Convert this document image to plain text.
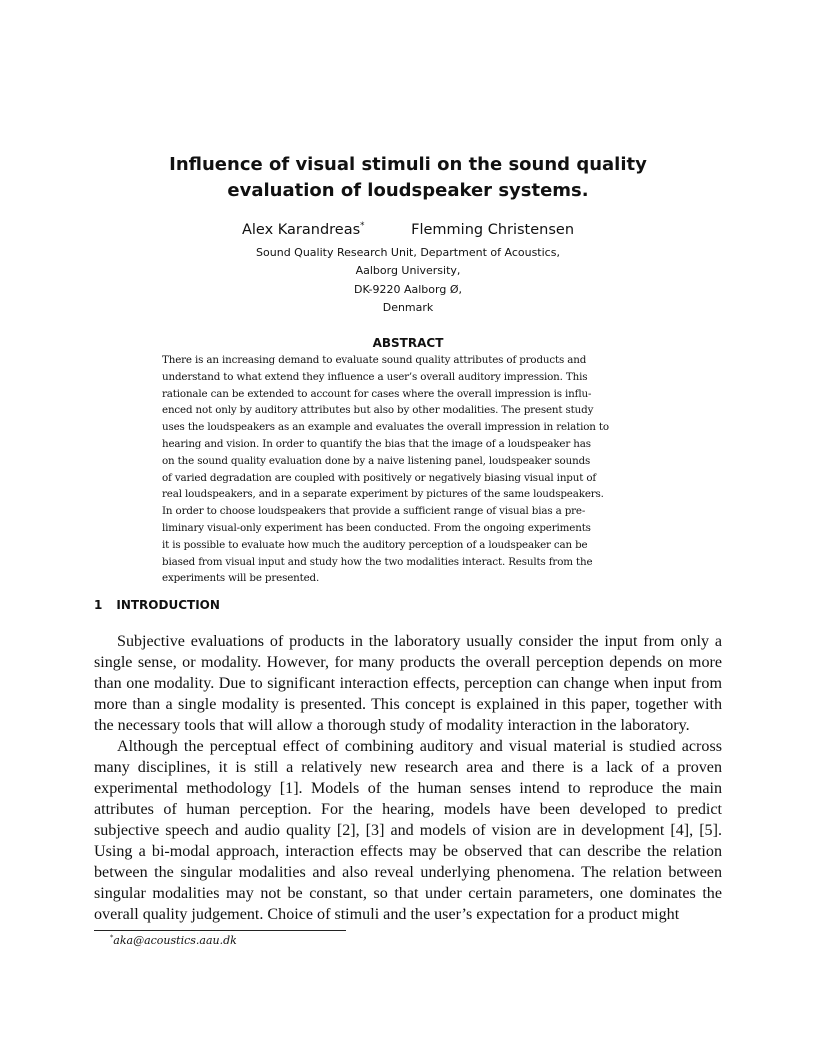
Influence of visual stimuli on the sound quality
evaluation of loudspeaker systems.
Alex Karandreas*	Flemming Christensen
Sound Quality Research Unit, Department of Acoustics,
Aalborg University,
DK-9220 Aalborg Ø,
Denmark
ABSTRACT
There is an increasing demand to evaluate sound quality attributes of products and
understand to what extend they influence a user’s overall auditory impression. This
rationale can be extended to account for cases where the overall impression is influ-
enced not only by auditory attributes but also by other modalities. The present study
uses the loudspeakers as an example and evaluates the overall impression in relation to
hearing and vision. In order to quantify the bias that the image of a loudspeaker has
on the sound quality evaluation done by a naive listening panel, loudspeaker sounds
of varied degradation are coupled with positively or negatively biasing visual input of
real loudspeakers, and in a separate experiment by pictures of the same loudspeakers.
In order to choose loudspeakers that provide a sufficient range of visual bias a pre-
liminary visual-only experiment has been conducted. From the ongoing experiments
it is possible to evaluate how much the auditory perception of a loudspeaker can be
biased from visual input and study how the two modalities interact. Results from the
experiments will be presented.
1 INTRODUCTION

Subjective evaluations of products in the laboratory usually consider the input from only a single sense, or modality. However, for many products the overall perception depends on more than one modality. Due to significant interaction effects, perception can change when input from more than a single modality is presented. This concept is explained in this paper, together with the necessary tools that will allow a thorough study of modality interaction in the laboratory.

Although the perceptual effect of combining auditory and visual material is studied across many disciplines, it is still a relatively new research area and there is a lack of a proven experimental methodology [1]. Models of the human senses intend to reproduce the main attributes of human perception. For the hearing, models have been developed to predict subjective speech and audio quality [2], [3] and models of vision are in development [4], [5]. Using a bi-modal approach, interaction effects may be observed that can describe the relation between the singular modalities and also reveal underlying phenomena. The relation between singular modalities may not be constant, so that under certain parameters, one dominates the overall quality judgement. Choice of stimuli and the user’s expectation for a product might

*aka@acoustics.aau.dk
